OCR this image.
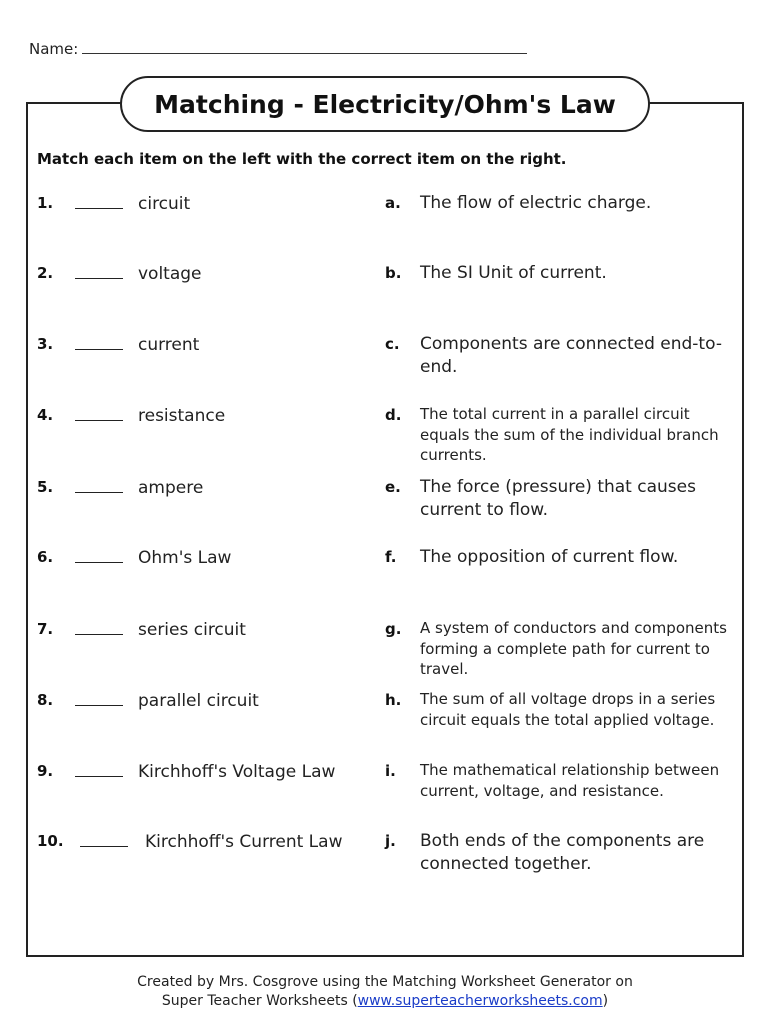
Name:
Matching - Electricity/Ohm's Law
Match each item on the left with the correct item on the right.
1.	circuit	a. The flow of electric charge.
2.	voltage	b. The SI Unit of current.
3.	current	c. Components are connected end-to-end.
4.	resistance	d. The total current in a parallel circuit equals the sum of the individual branch currents.
5.	ampere	e. The force (pressure) that causes current to flow.
6.	Ohm's Law	f. The opposition of current flow.
7.	series circuit	g. A system of conductors and components forming a complete path for current to travel.
8.	parallel circuit	h. The sum of all voltage drops in a series circuit equals the total applied voltage.
9.	Kirchhoff's Voltage Law	i. The mathematical relationship between current, voltage, and resistance.
10.	Kirchhoff's Current Law	j. Both ends of the components are connected together.
Created by Mrs. Cosgrove using the Matching Worksheet Generator on
Super Teacher Worksheets (www.superteacherworksheets.com)
